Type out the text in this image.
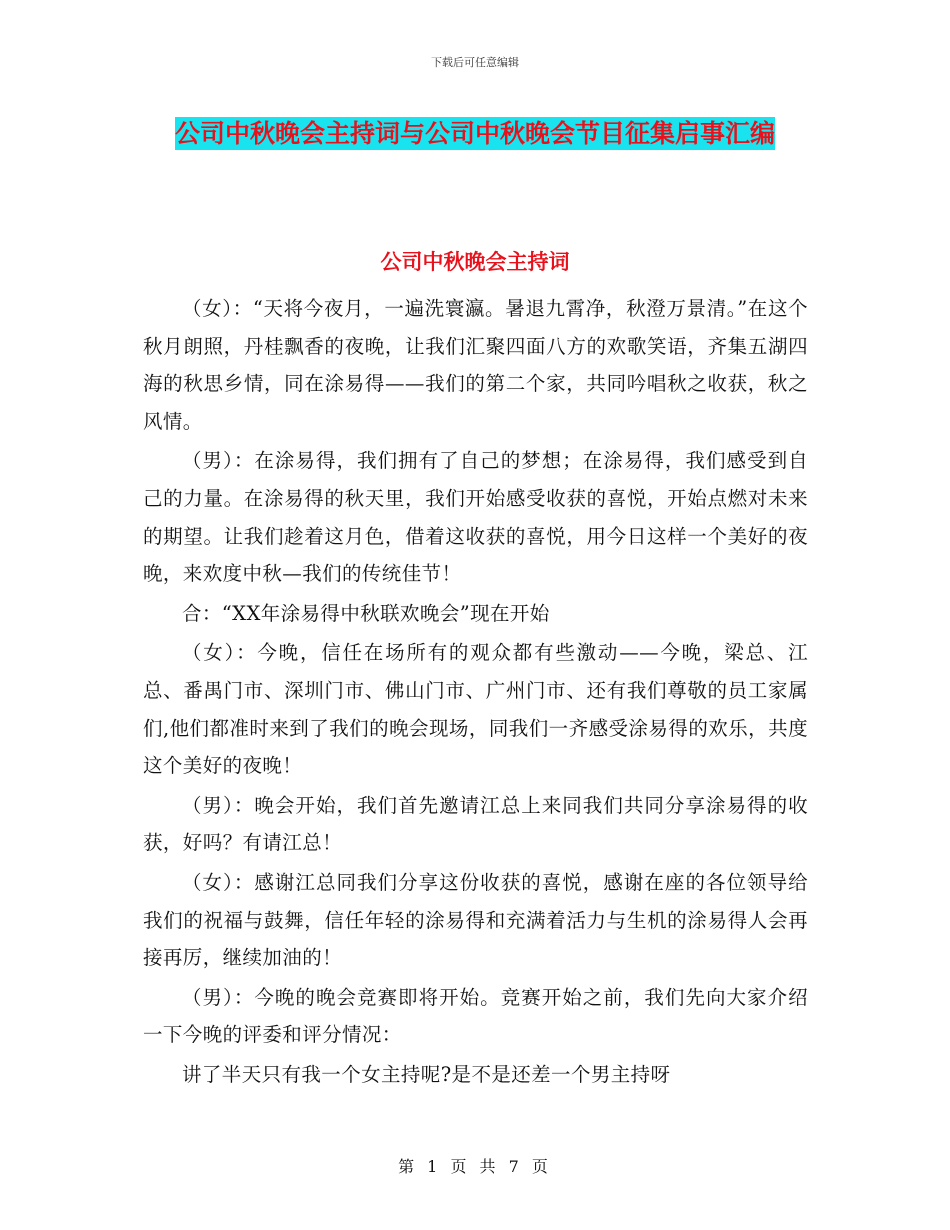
下载后可任意编辑
公司中秋晚会主持词与公司中秋晚会节目征集启事汇编
公司中秋晚会主持词

（女）：“天将今夜月，一遍洗寰瀛。暑退九霄净，秋澄万景清。”在这个秋月朗照，丹桂飘香的夜晚，让我们汇聚四面八方的欢歌笑语，齐集五湖四海的秋思乡情，同在涂易得——我们的第二个家，共同吟唱秋之收获，秋之风情。

（男）：在涂易得，我们拥有了自己的梦想；在涂易得，我们感受到自己的力量。在涂易得的秋天里，我们开始感受收获的喜悦，开始点燃对未来的期望。让我们趁着这月色，借着这收获的喜悦，用今日这样一个美好的夜晚，来欢度中秋—我们的传统佳节！

合：“XX年涂易得中秋联欢晚会”现在开始

（女）：今晚，信任在场所有的观众都有些激动——今晚，梁总、江总、番禺门市、深圳门市、佛山门市、广州门市、还有我们尊敬的员工家属们,他们都准时来到了我们的晚会现场，同我们一齐感受涂易得的欢乐，共度这个美好的夜晚！

（男）：晚会开始，我们首先邀请江总上来同我们共同分享涂易得的收获，好吗？有请江总！

（女）：感谢江总同我们分享这份收获的喜悦，感谢在座的各位领导给我们的祝福与鼓舞，信任年轻的涂易得和充满着活力与生机的涂易得人会再接再厉，继续加油的！

（男）：今晚的晚会竞赛即将开始。竞赛开始之前，我们先向大家介绍一下今晚的评委和评分情况：

讲了半天只有我一个女主持呢?是不是还差一个男主持呀

第 1 页 共 7 页
